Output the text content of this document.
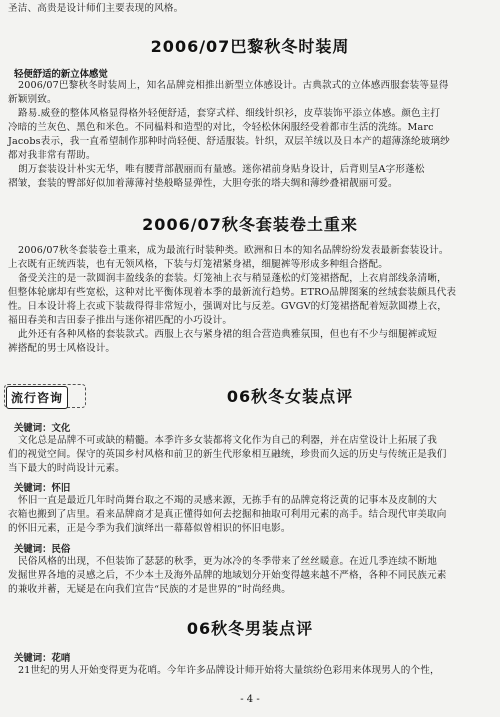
圣洁、高贵是设计师们主要表现的风格。
2006/07巴黎秋冬时装周
轻便舒适的新立体感觉
2006/07巴黎秋冬时装周上，知名品牌竞相推出新型立体感设计。古典款式的立体感西服套装等显得
新颖别致。
路易.威登的整体风格显得格外轻便舒适，套穿式样、细线针织衫，皮草装饰平添立体感。颜色主打
冷暗的兰灰色、黑色和米色。不同榀料和造型的对比，令轻松休闲服经受着都市生活的洗练。Marc
Jacobs表示，我一直希望制作那种时尚轻便、舒适服装。针织，双层羊绒以及日本产的超薄涤纶玻璃纱
都对我非常有帮助。
朗万套装设计朴实无华，唯有腰背部靓丽而有量感。迷你裙前身贴身设计，后背则呈A字形蓬松
褶皱，套装的臀部好似加着薄薄衬垫般略显弹性，大胆夸张的塔夫绸和薄纱叠裙靓丽可爱。
2006/07秋冬套装卷土重来
2006/07秋冬套装卷土重来，成为最流行时装种类。欧洲和日本的知名品牌纷纷发表最新套装设计。
上衣既有正统西装，也有无领风格，下装与灯笼裙紧身裙，细腿裤等形成多种组合搭配。
备受关注的是一款圆润丰盈线条的套装。灯笼袖上衣与稍显蓬松的灯笼裙搭配，上衣肩部线条清晰，
但整体轮廓却有些宽松，这种对比平衡体现着本季的最新流行趋势。ETRO品牌图案的丝绒套装颇具代表
性。日本设计将上衣或下装裁得得非常短小，强调对比与反差。GVGV的灯笼裙搭配着短款圆襟上衣，
福田春美和吉田泰子推出与迷你裙匹配的小巧设计。
此外还有各种风格的套装款式。西服上衣与紧身裙的组合营造典雅氛围，但也有不少与细腿裤或短
裤搭配的男士风格设计。
流行咨询	06秋冬女装点评
关键词：文化
文化总是品牌不可或缺的精髓。本季许多女装都将文化作为自己的利器，并在店堂设计上拓展了我
们的视觉空间。保守的英国乡村风格和前卫的新生代形象相互融统，珍贵而久远的历史与传统正是我们
当下最大的时尚设计元素。
关键词：怀旧
怀旧一直是最近几年时尚舞台取之不竭的灵感来源，无拣手有的品牌竞将泛黄的记事本及皮制的大
衣箱也搬到了店里。看来品牌商才是真正懂得如何去挖掘和抽取可利用元素的高手。结合现代审美取向
的怀旧元素，正是今季为我们演绎出一幕幕似曾相识的怀旧电影。
关键词：民俗
民俗风格的出现，不但装饰了瑟瑟的秋季，更为冰冷的冬季带来了丝丝暖意。在近几季连续不断地
发掘世界各地的灵感之后，不少本土及海外品牌的地域划分开始变得越来越不严格，各种不同民族元素
的兼收并蓄，无疑是在向我们宣告“民族的才是世界的”时尚经典。
06秋冬男装点评
关键词：花哨
21世纪的男人开始变得更为花哨。今年许多品牌设计师开始将大量缤纷色彩用来体现男人的个性，
- 4 -
